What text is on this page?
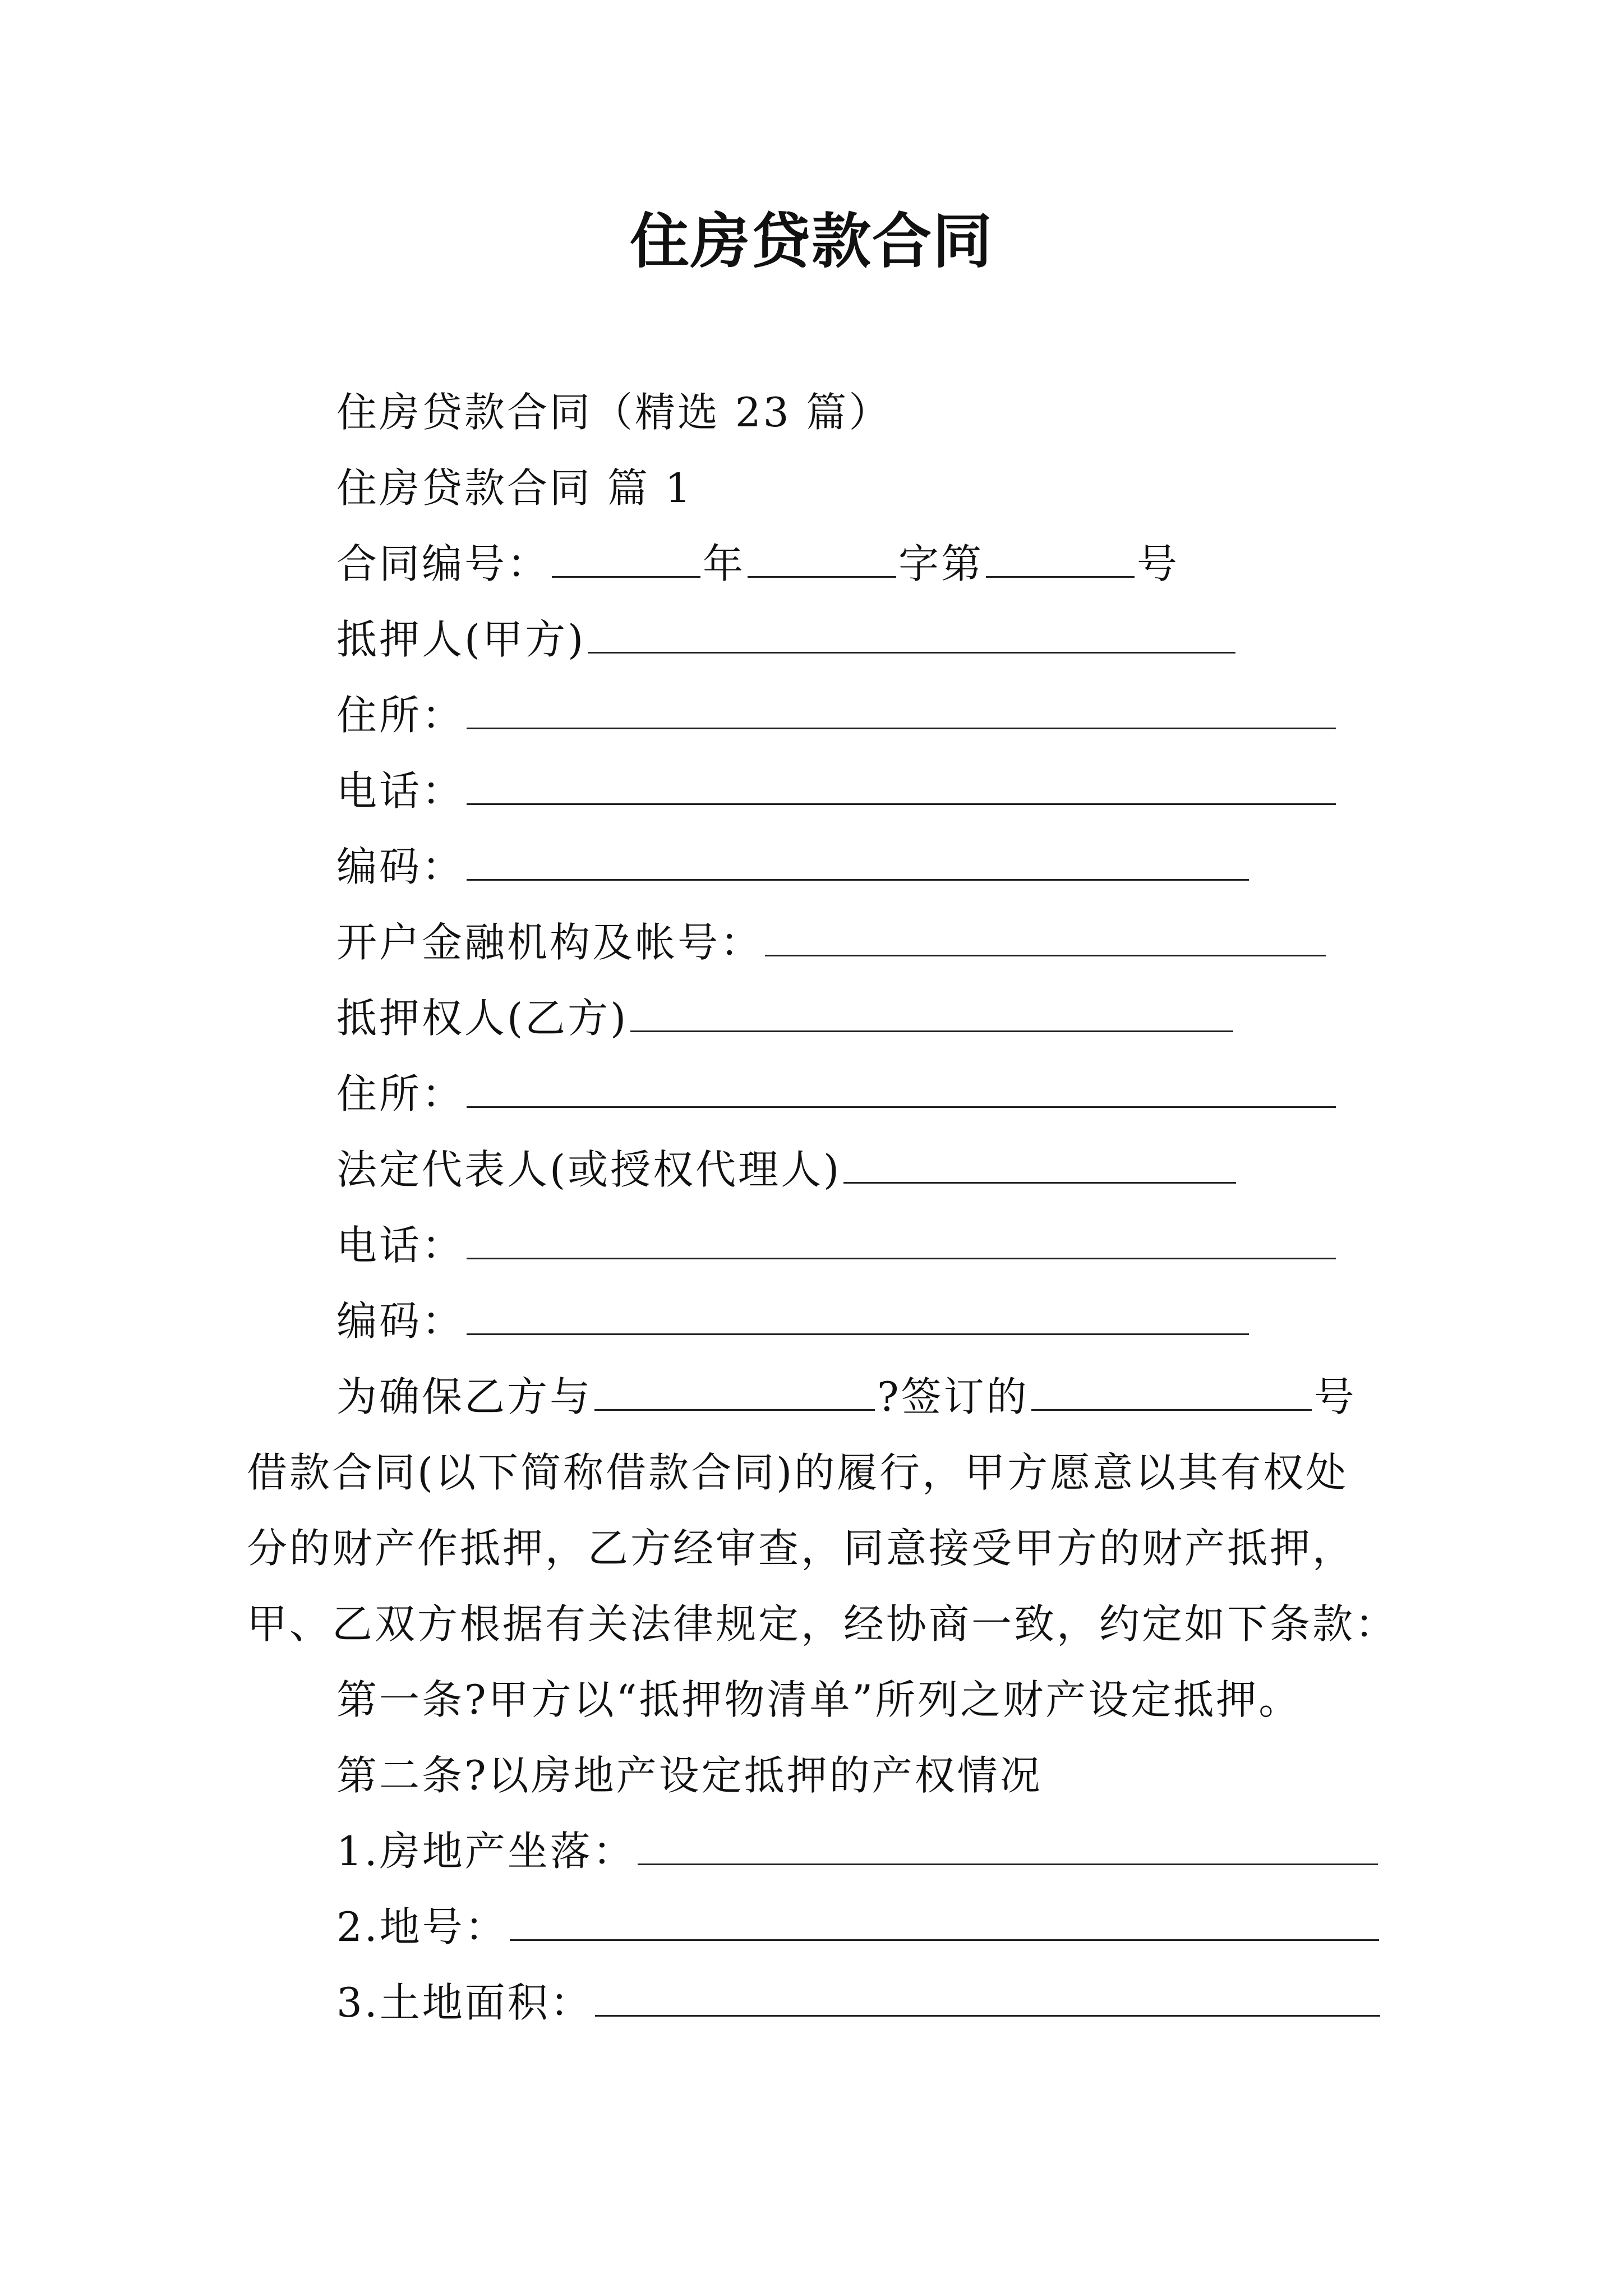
住房贷款合同
住房贷款合同（精选 23 篇）
住房贷款合同 篇 1
合同编号：	年	字第	号
抵押人(甲方)
住所：
电话：
编码：
开户金融机构及帐号：
抵押权人(乙方)
住所：
法定代表人(或授权代理人)
电话：
编码：
为确保乙方与	?签订的	号
借款合同(以下简称借款合同)的履行，甲方愿意以其有权处
分的财产作抵押，乙方经审查，同意接受甲方的财产抵押，
甲、乙双方根据有关法律规定，经协商一致，约定如下条款：
第一条?甲方以“抵押物清单”所列之财产设定抵押。
第二条?以房地产设定抵押的产权情况
1.房地产坐落：
2.地号：
3.土地面积：
